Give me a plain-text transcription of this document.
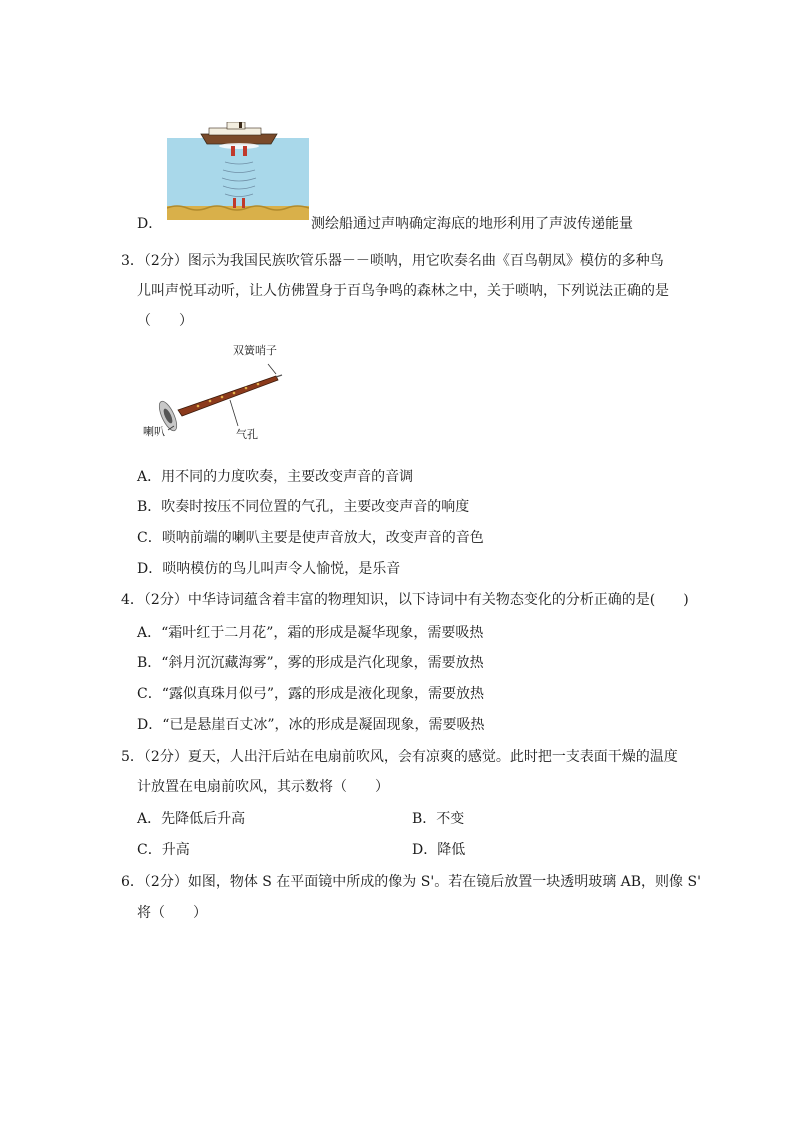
D．	测绘船通过声呐确定海底的地形利用了声波传递能量
3．（2分）图示为我国民族吹管乐器－－唢呐，用它吹奏名曲《百鸟朝凤》模仿的多种鸟
儿叫声悦耳动听，让人仿佛置身于百鸟争鸣的森林之中，关于唢呐，下列说法正确的是
（　　）
双簧哨子
喇叭	气孔
A．用不同的力度吹奏，主要改变声音的音调
B．吹奏时按压不同位置的气孔，主要改变声音的响度
C．唢呐前端的喇叭主要是使声音放大，改变声音的音色
D．唢呐模仿的鸟儿叫声令人愉悦，是乐音
4．（2分）中华诗词蕴含着丰富的物理知识，以下诗词中有关物态变化的分析正确的是(　　)
A．“霜叶红于二月花”，霜的形成是凝华现象，需要吸热
B．“斜月沉沉藏海雾”，雾的形成是汽化现象，需要放热
C．“露似真珠月似弓”，露的形成是液化现象，需要放热
D．“已是悬崖百丈冰”，冰的形成是凝固现象，需要吸热
5．（2分）夏天，人出汗后站在电扇前吹风，会有凉爽的感觉。此时把一支表面干燥的温度
计放置在电扇前吹风，其示数将（　　）
A．先降低后升高	B．不变
C．升高	D．降低
6．（2分）如图，物体 S 在平面镜中所成的像为 S'。若在镜后放置一块透明玻璃 AB，则像 S'
将（　　）
